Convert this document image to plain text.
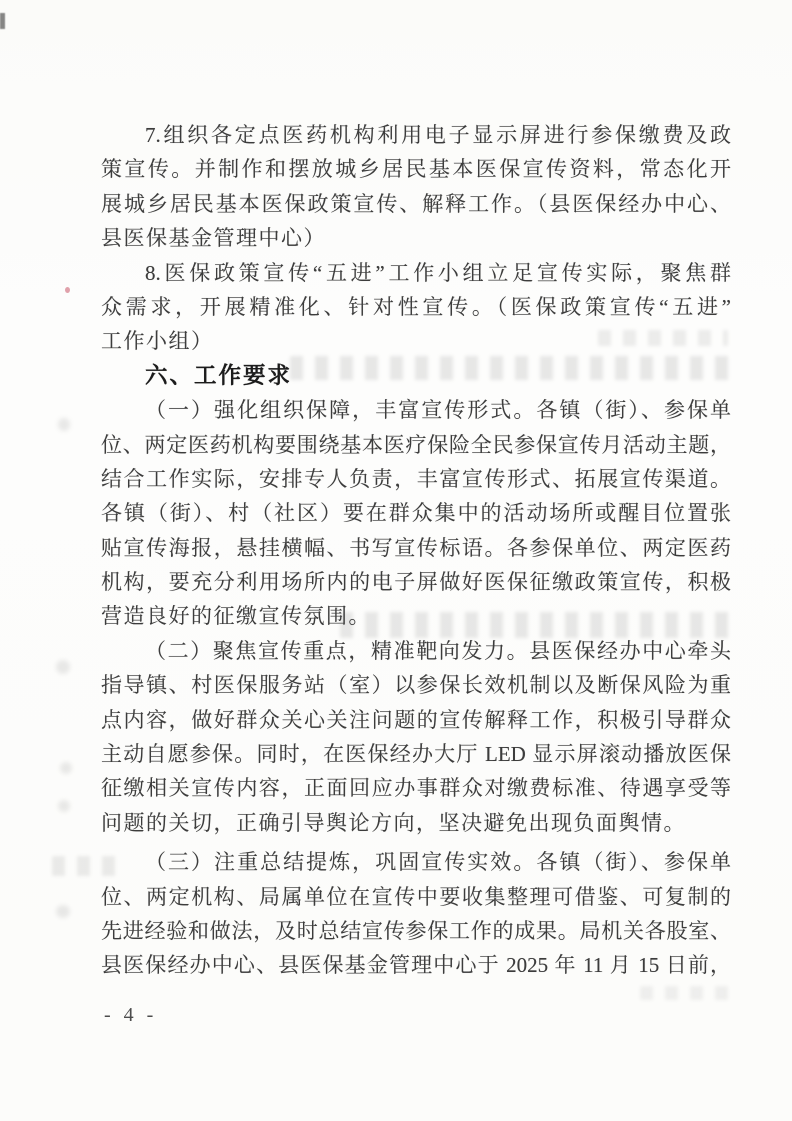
7.组织各定点医药机构利用电子显示屏进行参保缴费及政
策宣传。并制作和摆放城乡居民基本医保宣传资料，常态化开
展城乡居民基本医保政策宣传、解释工作。（县医保经办中心、
县医保基金管理中心）
8.医保政策宣传“五进”工作小组立足宣传实际，聚焦群
众需求，开展精准化、针对性宣传。（医保政策宣传“五进”
工作小组）
六、工作要求
（一）强化组织保障，丰富宣传形式。各镇（街）、参保单
位、两定医药机构要围绕基本医疗保险全民参保宣传月活动主题，
结合工作实际，安排专人负责，丰富宣传形式、拓展宣传渠道。
各镇（街）、村（社区）要在群众集中的活动场所或醒目位置张
贴宣传海报，悬挂横幅、书写宣传标语。各参保单位、两定医药
机构，要充分利用场所内的电子屏做好医保征缴政策宣传，积极
营造良好的征缴宣传氛围。
（二）聚焦宣传重点，精准靶向发力。县医保经办中心牵头
指导镇、村医保服务站（室）以参保长效机制以及断保风险为重
点内容，做好群众关心关注问题的宣传解释工作，积极引导群众
主动自愿参保。同时，在医保经办大厅 LED 显示屏滚动播放医保
征缴相关宣传内容，正面回应办事群众对缴费标准、待遇享受等
问题的关切，正确引导舆论方向，坚决避免出现负面舆情。
（三）注重总结提炼，巩固宣传实效。各镇（街）、参保单
位、两定机构、局属单位在宣传中要收集整理可借鉴、可复制的
先进经验和做法，及时总结宣传参保工作的成果。局机关各股室、
县医保经办中心、县医保基金管理中心于 2025 年 11 月 15 日前，
- 4 -
